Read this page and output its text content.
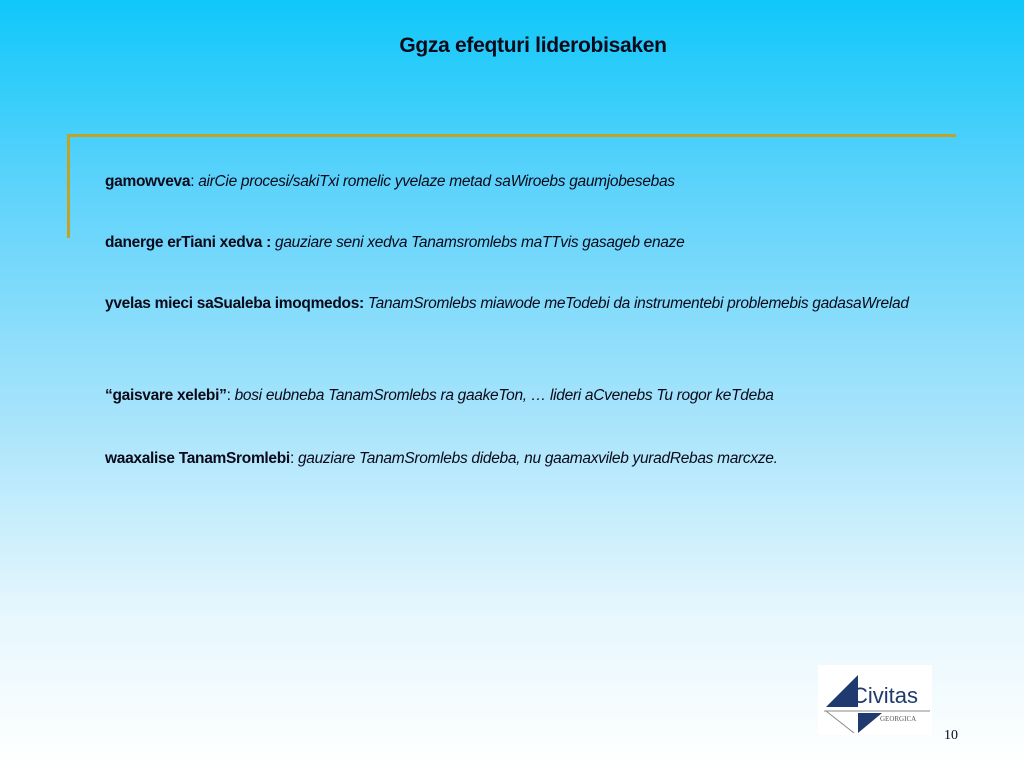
Ggza efeqturi liderobisaken
gamowveva: airCie procesi/sakiTxi romelic yvelaze metad saWiroebs gaumjobesebas
danerge erTiani xedva : gauziare seni xedva Tanamsromlebs maTTvis gasageb enaze
yvelas mieci saSualeba imoqmedos: TanamSromlebs miawode meTodebi da instrumentebi problemebis gadasaWrelad
“gaisvare xelebi”: bosi eubneba TanamSromlebs ra gaakeTon, … lideri aCvenebs Tu rogor keTdeba
waaxalise TanamSromlebi: gauziare TanamSromlebs dideba, nu gaamaxvileb yuradRebas marcxze.
Civitas
GEORGICA
10
